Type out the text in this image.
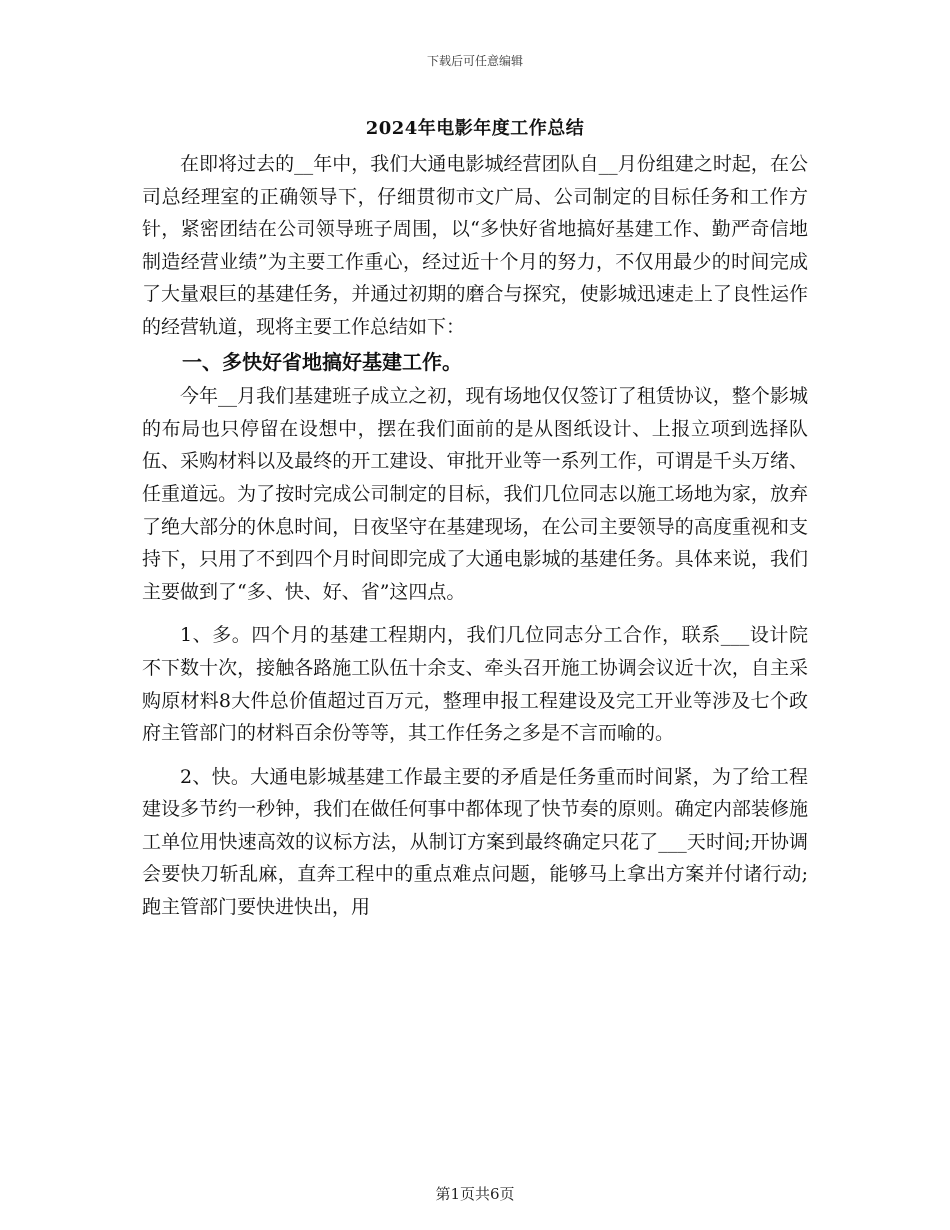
下载后可任意编辑
2024年电影年度工作总结

在即将过去的__年中，我们大通电影城经营团队自__月份组建之时起，在公司总经理室的正确领导下，仔细贯彻市文广局、公司制定的目标任务和工作方针，紧密团结在公司领导班子周围，以“多快好省地搞好基建工作、勤严奇信地制造经营业绩”为主要工作重心，经过近十个月的努力，不仅用最少的时间完成了大量艰巨的基建任务，并通过初期的磨合与探究，使影城迅速走上了良性运作的经营轨道，现将主要工作总结如下：

一、多快好省地搞好基建工作。

今年__月我们基建班子成立之初，现有场地仅仅签订了租赁协议，整个影城的布局也只停留在设想中，摆在我们面前的是从图纸设计、上报立项到选择队伍、采购材料以及最终的开工建设、审批开业等一系列工作，可谓是千头万绪、任重道远。为了按时完成公司制定的目标，我们几位同志以施工场地为家，放弃了绝大部分的休息时间，日夜坚守在基建现场，在公司主要领导的高度重视和支持下，只用了不到四个月时间即完成了大通电影城的基建任务。具体来说，我们主要做到了“多、快、好、省”这四点。

1、多。四个月的基建工程期内，我们几位同志分工合作，联系___设计院不下数十次，接触各路施工队伍十余支、牵头召开施工协调会议近十次，自主采购原材料8大件总价值超过百万元，整理申报工程建设及完工开业等涉及七个政府主管部门的材料百余份等等，其工作任务之多是不言而喻的。

2、快。大通电影城基建工作最主要的矛盾是任务重而时间紧，为了给工程建设多节约一秒钟，我们在做任何事中都体现了快节奏的原则。确定内部装修施工单位用快速高效的议标方法，从制订方案到最终确定只花了___天时间;开协调会要快刀斩乱麻，直奔工程中的重点难点问题，能够马上拿出方案并付诸行动;跑主管部门要快进快出，用

第1页共6页
